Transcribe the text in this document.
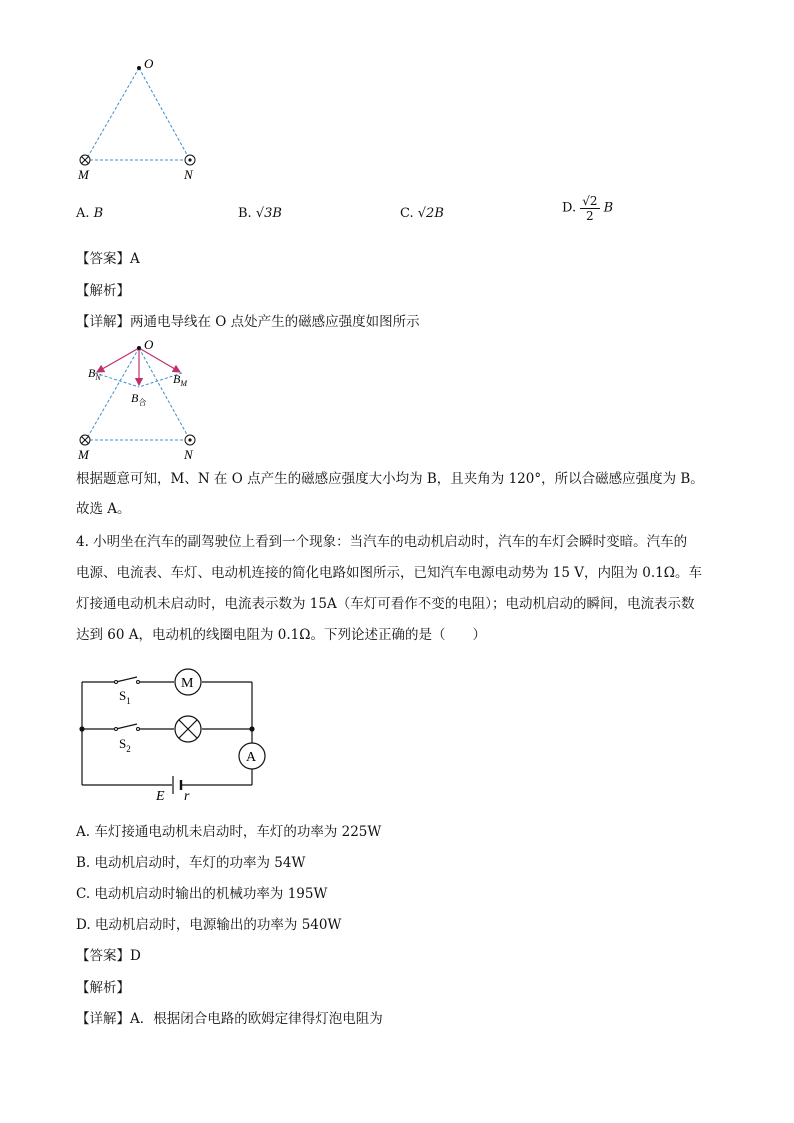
O
M	N
A. B	B. √3B	C. √2B	D. $\frac{√2}{2}$ B
【答案】A
【解析】
【详解】两通电导线在 O 点处产生的磁感应强度如图所示
O
$B_N$	$B_M$
$B_合$
M	N
根据题意可知，M、N 在 O 点产生的磁感应强度大小均为 B，且夹角为 120°，所以合磁感应强度为 B。
故选 A。
4. 小明坐在汽车的副驾驶位上看到一个现象：当汽车的电动机启动时，汽车的车灯会瞬时变暗。汽车的
电源、电流表、车灯、电动机连接的简化电路如图所示，已知汽车电源电动势为 15 V，内阻为 0.1Ω。车
灯接通电动机未启动时，电流表示数为 15A（车灯可看作不变的电阻）；电动机启动的瞬间，电流表示数
达到 60 A，电动机的线圈电阻为 0.1Ω。下列论述正确的是（　　）
M
A
$S_1$
$S_2$
E r
A. 车灯接通电动机未启动时，车灯的功率为 225W
B. 电动机启动时，车灯的功率为 54W
C. 电动机启动时输出的机械功率为 195W
D. 电动机启动时，电源输出的功率为 540W
【答案】D
【解析】
【详解】A．根据闭合电路的欧姆定律得灯泡电阻为
